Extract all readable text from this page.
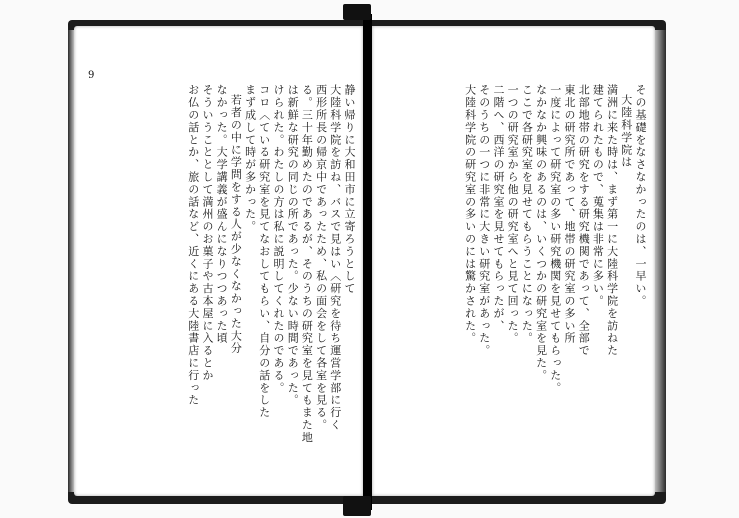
9
その基礎をなさなかったのは、一早い。
大陸科学院は
満洲に来た時は、まず第一に大陸科学院を訪ねた
建てられたもので、蒐集は非常に多い。
北部地帯の研究をする研究機関であって、全部で
東北の研究所であって、地帯の研究室の多い所
一度によって研究室の多い研究機関を見せてもらった。
なかなか興味のあるのは、いくつかの研究室を見た。
ここで各研究室を見せてもらうことになった。
一つの研究室から他の研究室へと見て回った。
二階へ、西洋の研究室を見せてもらったが、
そのうちの一つに非常に大きい研究室があった。
大陸科学院の研究室の多いのには驚かされた。
静い帰りに大和田市に立寄ろうとして
大陸科学院を訪ね、バスで見はい〈研究を待ち運営学部に行く
西形所長の帰京中であったため、私の面会をして各室を見る。
る。三十年勤めたのであるが、そのうちの研究室を見てもまた地
は新鮮な研究の同じの所であった。少ない時間であった。
けられた。わたしの方は私に説明してくれたのである。
コロ〈ている研究室を見てなおしてもらい、自分の話をした
まず成して時が多かった。
若者の中に学問をする人が少なくなかった大分
なかった。大学講義が盛んになりつつあった頃
そういうこととして満州のお菓子や古本屋に入るとか
お仏の話とか、旅の話など、近くにある大陸書店に行った
